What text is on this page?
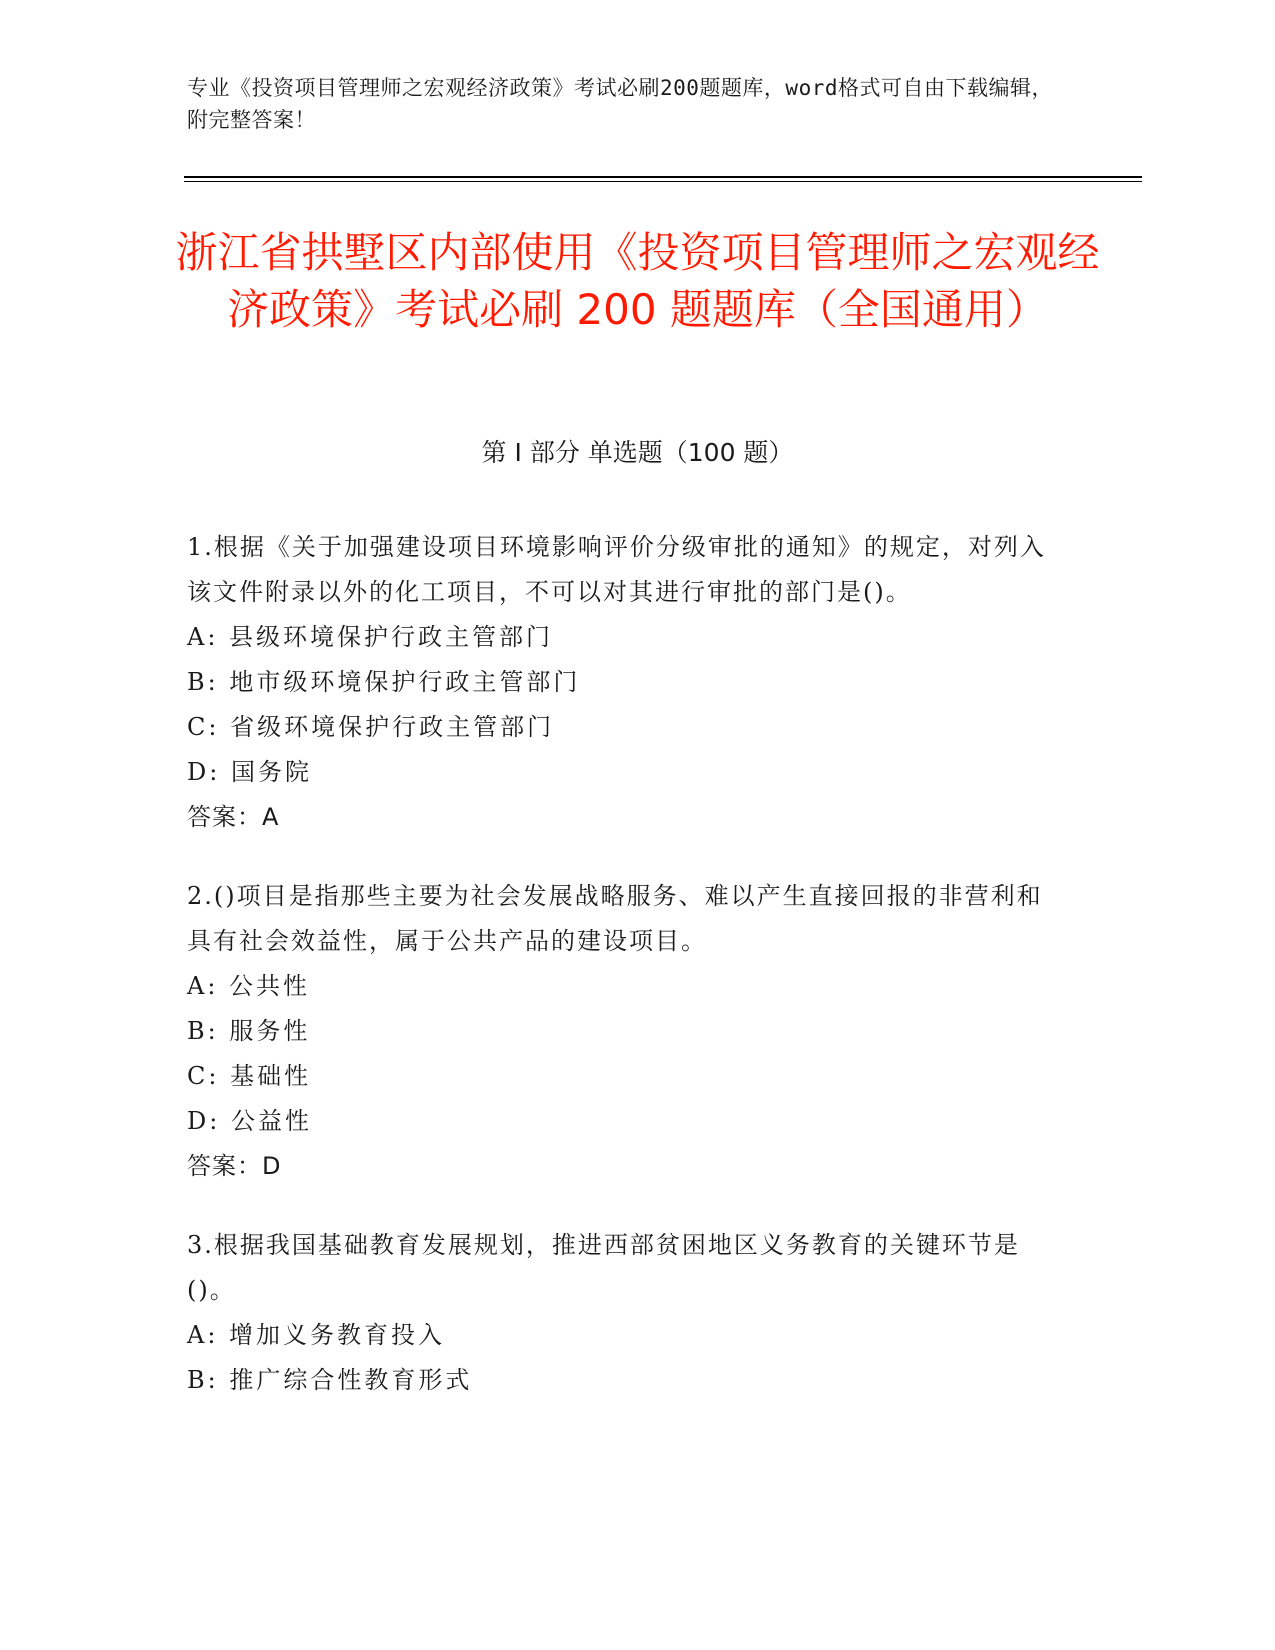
专业《投资项目管理师之宏观经济政策》考试必刷200题题库，word格式可自由下载编辑，附完整答案！
浙江省拱墅区内部使用《投资项目管理师之宏观经济政策》考试必刷 200 题题库（全国通用）
第 I 部分 单选题（100 题）

1.根据《关于加强建设项目环境影响评价分级审批的通知》的规定，对列入该文件附录以外的化工项目，不可以对其进行审批的部门是()。

A: 县级环境保护行政主管部门

B: 地市级环境保护行政主管部门

C: 省级环境保护行政主管部门

D: 国务院

答案：A

2.()项目是指那些主要为社会发展战略服务、难以产生直接回报的非营利和具有社会效益性，属于公共产品的建设项目。

A: 公共性

B: 服务性

C: 基础性

D: 公益性

答案：D

3.根据我国基础教育发展规划，推进西部贫困地区义务教育的关键环节是()。

A: 增加义务教育投入

B: 推广综合性教育形式
